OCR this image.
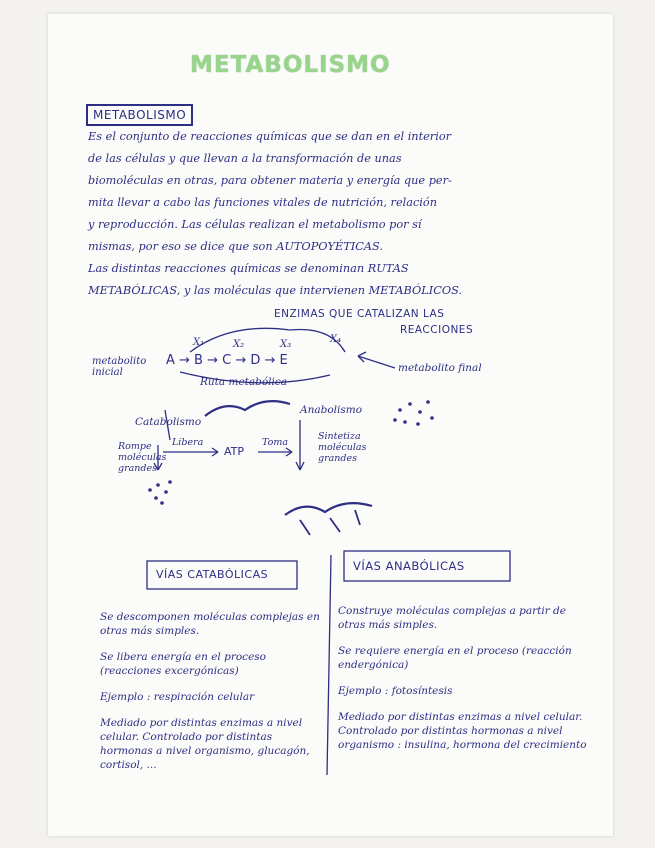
METABOLISMO
METABOLISMO
Es el conjunto de reacciones químicas que se dan en el interior
de las células y que llevan a la transformación de unas
biomoléculas en otras, para obtener materia y energía que per-
mita llevar a cabo las funciones vitales de nutrición, relación
y reproducción. Las células realizan el metabolismo por sí
mismas, por eso se dice que son AUTOPOYÉTICAS.
Las distintas reacciones químicas se denominan RUTAS
METABÓLICAS, y las moléculas que intervienen METABÓLICOS.
ENZIMAS QUE CATALIZAN LAS
REACCIONES
X₁	X₂	X₃	X₄
metabolito
inicial
A → B → C → D → E	metabolito final
Ruta metabólica
Catabolismo
Anabolismo
Rompe
moléculas
grandes
Libera
ATP
Toma
Sintetiza
moléculas
grandes
VÍAS CATABÓLICAS
VÍAS ANABÓLICAS
Se descomponen moléculas complejas en otras más simples.
Se libera energía en el proceso (reacciones excergónicas)
Ejemplo : respiración celular
Mediado por distintas enzimas a nivel celular. Controlado por distintas hormonas a nivel organismo, glucagón, cortisol, ...
Construye moléculas complejas a partir de otras más simples.
Se requiere energía en el proceso (reacción endergónica)
Ejemplo : fotosíntesis
Mediado por distintas enzimas a nivel celular. Controlado por distintas hormonas a nivel organismo : insulina, hormona del crecimiento
